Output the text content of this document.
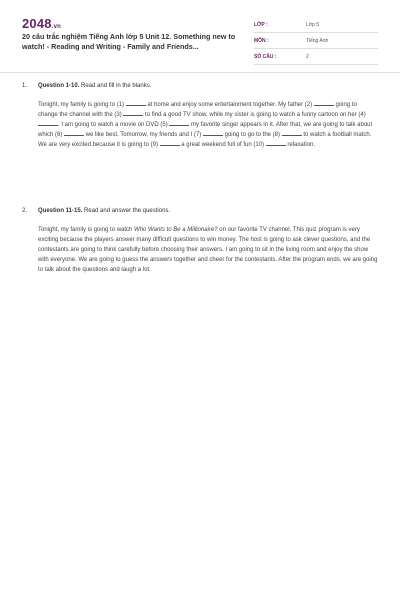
2048.vn
20 câu trắc nghiệm Tiếng Anh lớp 5 Unit 12. Something new to watch! - Reading and Writing - Family and Friends...
LỚP :	Lớp 5
MÔN :	Tiếng Anh
SỐ CÂU :	2
1. Question 1-10. Read and fill in the blanks.

Tonight, my family is going to (1)	at home and enjoy some entertainment together. My father (2)	going to change the channel with the (3)	to find a good TV show, while my sister is going to watch a funny cartoon on her (4) . I am going to watch a movie on DVD (5)	my favorite singer appears in it. After that, we are going to talk about which (6)	we like best. Tomorrow, my friends and I (7)	going to go to the (8)	to watch a football match. We are very excited because it is going to (9)	a great weekend full of fun (10)	relaxation.

2. Question 11-15. Read and answer the questions.

Tonight, my family is going to watch Who Wants to Be a Millionaire? on our favorite TV channel. This quiz program is very exciting because the players answer many difficult questions to win money. The host is going to ask clever questions, and the contestants are going to think carefully before choosing their answers. I am going to sit in the living room and enjoy the show with everyone. We are going to guess the answers together and cheer for the contestants. After the program ends, we are going to talk about the questions and laugh a lot.
